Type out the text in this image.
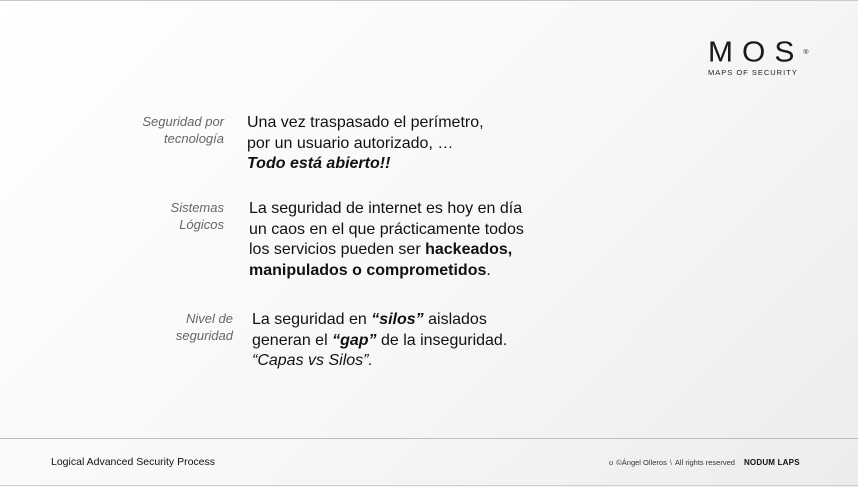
MOS®
MAPS OF SECURITY
Seguridad por
tecnología
Una vez traspasado el perímetro,
por un usuario autorizado, …
Todo está abierto!!
Sistemas
Lógicos
La seguridad de internet es hoy en día
un caos en el que prácticamente todos
los servicios pueden ser hackeados,
manipulados o comprometidos.
Nivel de
seguridad
La seguridad en “silos” aislados
generan el “gap” de la inseguridad.
“Capas vs Silos”.
Logical Advanced Security Process	ʊ ©Ángel Olleros \ All rights reserved NODUM LAPS
